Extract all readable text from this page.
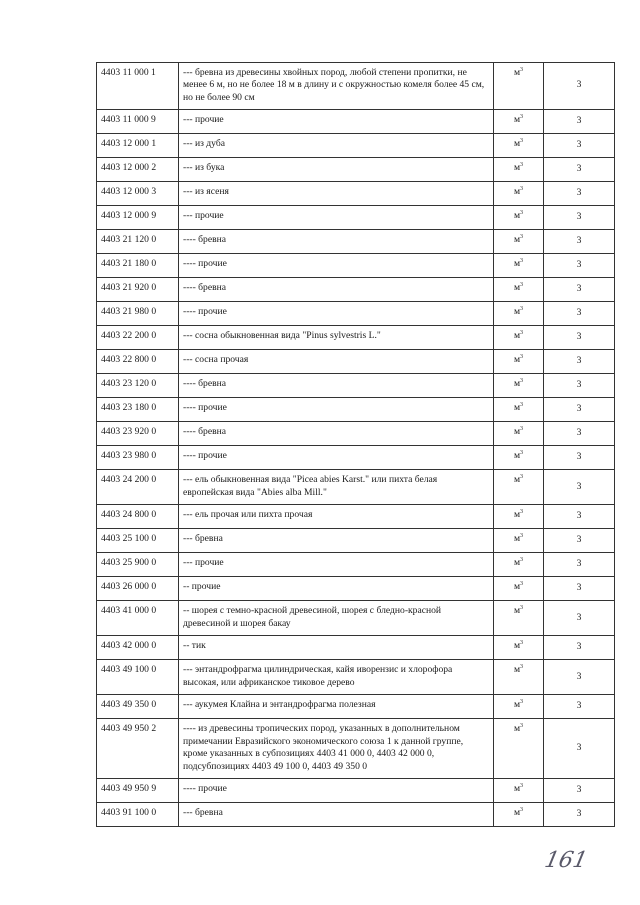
4403 11 000 1	--- бревна из древесины хвойных пород, любой степени пропитки, не менее 6 м, но не более 18 м в длину и с окружностью комеля более 45 см, но не более 90 см	$м^3$	3
4403 11 000 9	--- прочие	$м^3$	3
4403 12 000 1	--- из дуба	$м^3$	3
4403 12 000 2	--- из бука	$м^3$	3
4403 12 000 3	--- из ясеня	$м^3$	3
4403 12 000 9	--- прочие	$м^3$	3
4403 21 120 0	---- бревна	$м^3$	3
4403 21 180 0	---- прочие	$м^3$	3
4403 21 920 0	---- бревна	$м^3$	3
4403 21 980 0	---- прочие	$м^3$	3
4403 22 200 0	--- сосна обыкновенная вида "Pinus sylvestris L."	$м^3$	3
4403 22 800 0	--- сосна прочая	$м^3$	3
4403 23 120 0	---- бревна	$м^3$	3
4403 23 180 0	---- прочие	$м^3$	3
4403 23 920 0	---- бревна	$м^3$	3
4403 23 980 0	---- прочие	$м^3$	3
4403 24 200 0	--- ель обыкновенная вида "Picea abies Karst." или пихта белая европейская вида "Abies alba Mill."	$м^3$	3
4403 24 800 0	--- ель прочая или пихта прочая	$м^3$	3
4403 25 100 0	--- бревна	$м^3$	3
4403 25 900 0	--- прочие	$м^3$	3
4403 26 000 0	-- прочие	$м^3$	3
4403 41 000 0	-- шорея с темно-красной древесиной, шорея с бледно-красной древесиной и шорея бакау	$м^3$	3
4403 42 000 0	-- тик	$м^3$	3
4403 49 100 0	--- энтандрофрагма цилиндрическая, кайя иворензис и хлорофора высокая, или африканское тиковое дерево	$м^3$	3
4403 49 350 0	--- аукумея Клайна и энтандрофрагма полезная	$м^3$	3
4403 49 950 2	---- из древесины тропических пород, указанных в дополнительном примечании Евразийского экономического союза 1 к данной группе, кроме указанных в субпозициях 4403 41 000 0, 4403 42 000 0, подсубпозициях 4403 49 100 0, 4403 49 350 0	$м^3$	3
4403 49 950 9	---- прочие	$м^3$	3
4403 91 100 0	--- бревна	$м^3$	3
161
